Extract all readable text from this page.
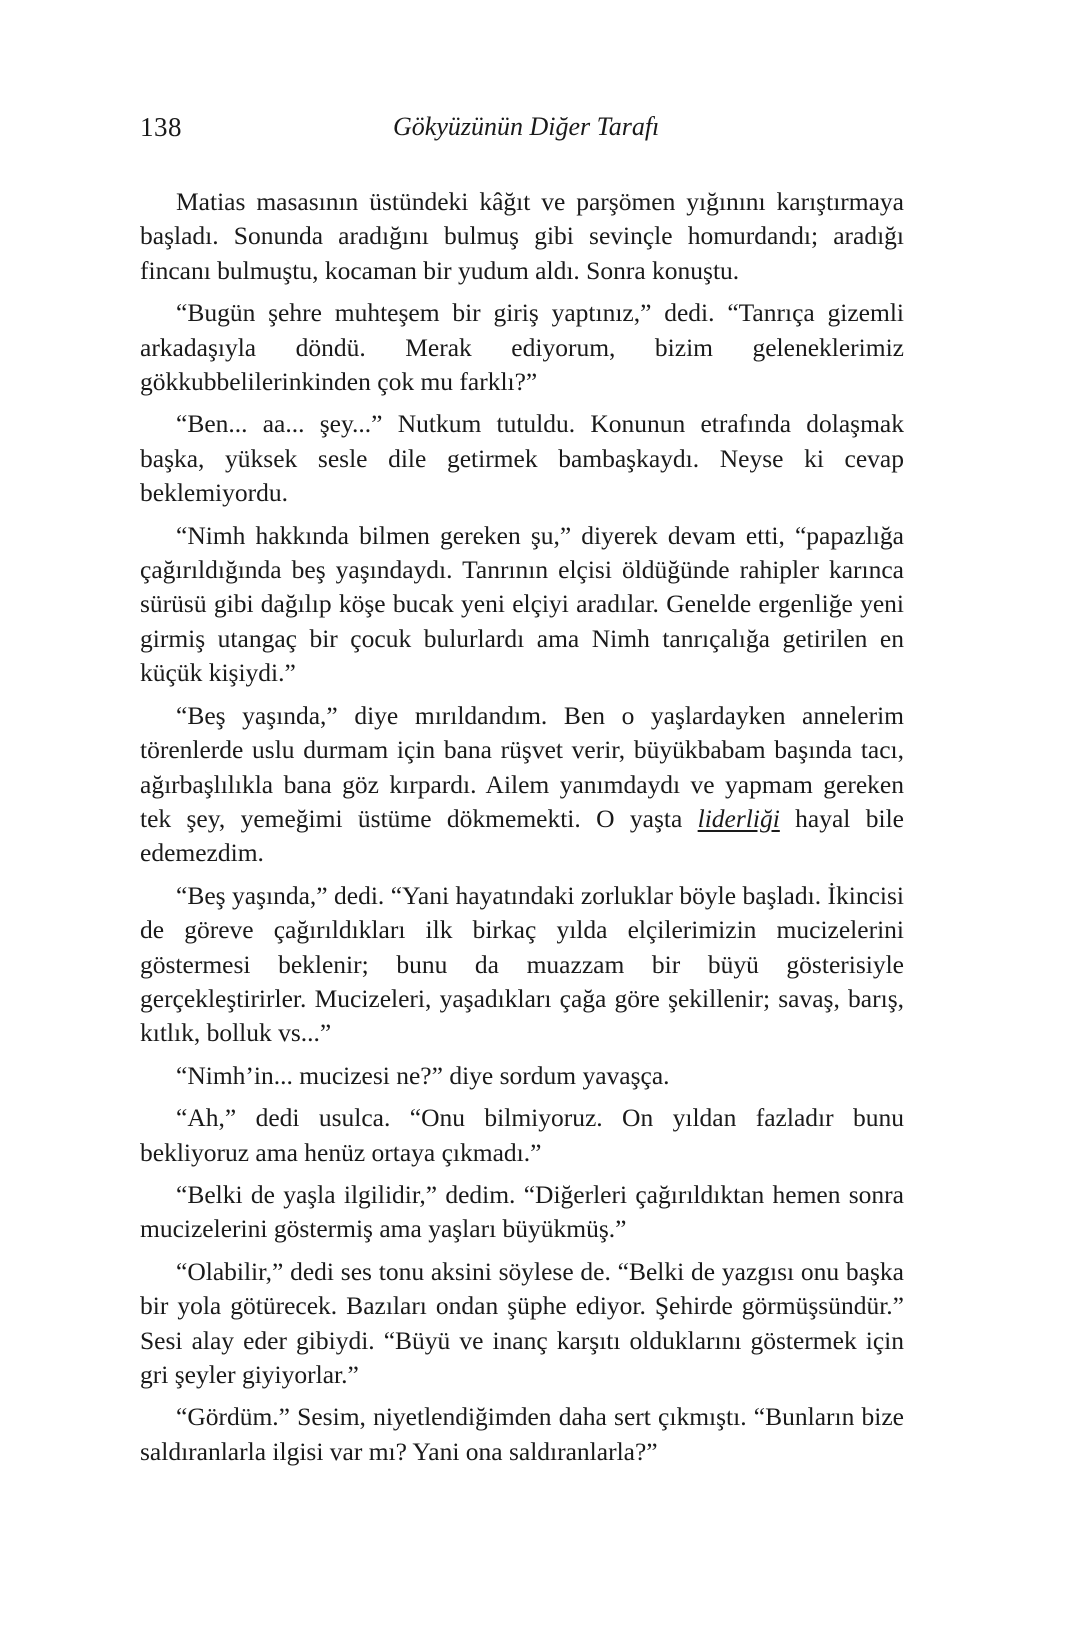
138	Gökyüzünün Diğer Tarafı

Matias masasının üstündeki kâğıt ve parşömen yığınını karıştırmaya başladı. Sonunda aradığını bulmuş gibi sevinçle homurdandı; aradığı fincanı bulmuştu, kocaman bir yudum aldı. Sonra konuştu.

“Bugün şehre muhteşem bir giriş yaptınız,” dedi. “Tanrıça gizemli arkadaşıyla döndü. Merak ediyorum, bizim geleneklerimiz gökkubbelilerinkinden çok mu farklı?”

“Ben... aa... şey...” Nutkum tutuldu. Konunun etrafında dolaşmak başka, yüksek sesle dile getirmek bambaşkaydı. Neyse ki cevap beklemiyordu.

“Nimh hakkında bilmen gereken şu,” diyerek devam etti, “papazlığa çağırıldığında beş yaşındaydı. Tanrının elçisi öldüğünde rahipler karınca sürüsü gibi dağılıp köşe bucak yeni elçiyi aradılar. Genelde ergenliğe yeni girmiş utangaç bir çocuk bulurlardı ama Nimh tanrıçalığa getirilen en küçük kişiydi.”

“Beş yaşında,” diye mırıldandım. Ben o yaşlardayken annelerim törenlerde uslu durmam için bana rüşvet verir, büyükbabam başında tacı, ağırbaşlılıkla bana göz kırpardı. Ailem yanımdaydı ve yapmam gereken tek şey, yemeğimi üstüme dökmemekti. O yaşta liderliği hayal bile edemezdim.

“Beş yaşında,” dedi. “Yani hayatındaki zorluklar böyle başladı. İkincisi de göreve çağırıldıkları ilk birkaç yılda elçilerimizin mucizelerini göstermesi beklenir; bunu da muazzam bir büyü gösterisiyle gerçekleştirirler. Mucizeleri, yaşadıkları çağa göre şekillenir; savaş, barış, kıtlık, bolluk vs...”

“Nimh’in... mucizesi ne?” diye sordum yavaşça.

“Ah,” dedi usulca. “Onu bilmiyoruz. On yıldan fazladır bunu bekliyoruz ama henüz ortaya çıkmadı.”

“Belki de yaşla ilgilidir,” dedim. “Diğerleri çağırıldıktan hemen sonra mucizelerini göstermiş ama yaşları büyükmüş.”

“Olabilir,” dedi ses tonu aksini söylese de. “Belki de yazgısı onu başka bir yola götürecek. Bazıları ondan şüphe ediyor. Şehirde görmüşsündür.” Sesi alay eder gibiydi. “Büyü ve inanç karşıtı olduklarını göstermek için gri şeyler giyiyorlar.”

“Gördüm.” Sesim, niyetlendiğimden daha sert çıkmıştı. “Bunların bize saldıranlarla ilgisi var mı? Yani ona saldıranlarla?”
